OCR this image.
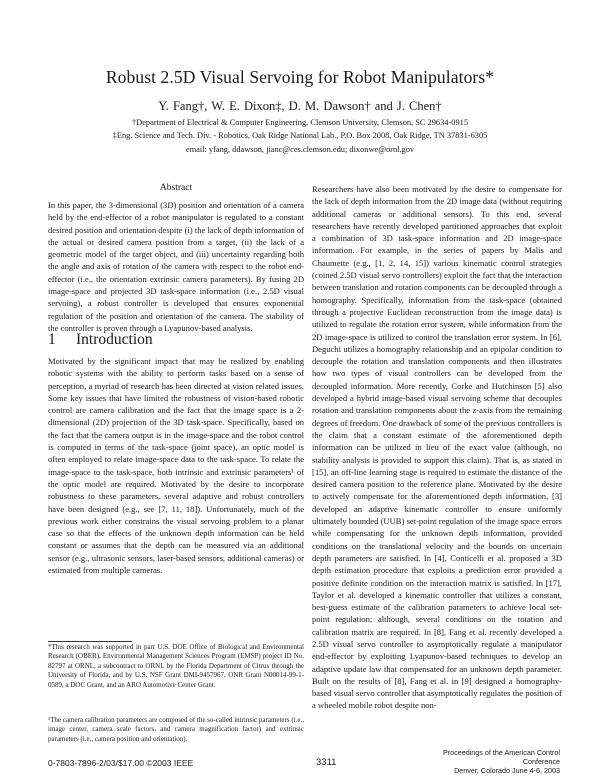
Robust 2.5D Visual Servoing for Robot Manipulators*
Y. Fang†, W. E. Dixon‡, D. M. Dawson† and J. Chen†
†Department of Electrical & Computer Engineering, Clemson University, Clemson, SC 29634-0915
‡Eng. Science and Tech. Div. - Robotics, Oak Ridge National Lab., P.O. Box 2008, Oak Ridge, TN 37831-6305
email: yfang, ddawson, jianc@ces.clemson.edu; dixonwe@ornl.gov
Abstract

In this paper, the 3-dimensional (3D) position and orientation of a camera held by the end-effector of a robot manipulator is regulated to a constant desired position and orientation despite (i) the lack of depth information of the actual or desired camera position from a target, (ii) the lack of a geometric model of the target object, and (iii) uncertainty regarding both the angle and axis of rotation of the camera with respect to the robot end-effector (i.e., the orientation extrinsic camera parameters). By fusing 2D image-space and projected 3D task-space information (i.e., 2.5D visual servoing), a robust controller is developed that ensures exponential regulation of the position and orientation of the camera. The stability of the controller is proven through a Lyapunov-based analysis.

1 Introduction

Motivated by the significant impact that may be realized by enabling robotic systems with the ability to perform tasks based on a sense of perception, a myriad of research has been directed at vision related issues. Some key issues that have limited the robustness of vision-based robotic control are camera calibration and the fact that the image space is a 2-dimensional (2D) projection of the 3D task-space. Specifically, based on the fact that the camera output is in the image-space and the robot control is computed in terms of the task-space (joint space), an optic model is often employed to relate image-space data to the task-space. To relate the image-space to the task-space, both intrinsic and extrinsic parameters¹ of the optic model are required. Motivated by the desire to incorporate robustness to these parameters, several adaptive and robust controllers have been designed (e.g., see [7, 11, 18]). Unfortunately, much of the previous work either constrains the visual servoing problem to a planar case so that the effects of the unknown depth information can be held constant or assumes that the depth can be measured via an additional sensor (e.g., ultrasonic sensors, laser-based sensors, additional cameras) or estimated from multiple cameras.

*This research was supported in part U.S. DOE Office of Biological and Environmental Research (OBER), Environmental Management Sciences Program (EMSP) project ID No. 82797 at ORNL, a subcontract to ORNL by the Florida Department of Citrus through the University of Florida, and by U.S. NSF Grant DMI-9457967, ONR Grant N00014-99-1-0589, a DOC Grant, and an ARO Automotive Center Grant.

¹The camera calibration parameters are composed of the so-called intrinsic parameters (i.e., image center, camera scale factors, and camera magnification factor) and extrinsic parameters (i.e., camera position and orientation).

Researchers have also been motivated by the desire to compensate for the lack of depth information from the 2D image data (without requiring additional cameras or additional sensors). To this end, several researchers have recently developed partitioned approaches that exploit a combination of 3D task-space information and 2D image-space information. For example, in the series of papers by Malis and Chaumette (e.g., [1, 2, 14, 15]) various kinematic control strategies (coined 2.5D visual servo controllers) exploit the fact that the interaction between translation and rotation components can be decoupled through a homography. Specifically, information from the task-space (obtained through a projective Euclidean reconstruction from the image data) is utilized to regulate the rotation error system, while information from the 2D image-space is utilized to control the translation error system. In [6], Deguchi utilizes a homography relationship and an epipolar condition to decouple the rotation and translation components and then illustrates how two types of visual controllers can be developed from the decoupled information. More recently, Corke and Hutchinson [5] also developed a hybrid image-based visual servoing scheme that decouples rotation and translation components about the z-axis from the remaining degrees of freedom. One drawback of some of the previous controllers is the claim that a constant estimate of the aforementioned depth information can be utilized in lieu of the exact value (although, no stability analysis is provided to support this claim). That is, as stated in [15], an off-line learning stage is required to estimate the distance of the desired camera position to the reference plane. Motivated by the desire to actively compensate for the aforementioned depth information, [3] developed an adaptive kinematic controller to ensure uniformly ultimately bounded (UUB) set-point regulation of the image space errors while compensating for the unknown depth information, provided conditions on the translational velocity and the bounds on uncertain depth parameters are satisfied. In [4], Conticelli et al. proposed a 3D depth estimation procedure that exploits a prediction error provided a positive definite condition on the interaction matrix is satisfied. In [17], Taylor et al. developed a kinematic controller that utilizes a constant, best-guess estimate of the calibration parameters to achieve local set-point regulation; although, several conditions on the rotation and calibration matrix are required. In [8], Fang et al. recently developed a 2.5D visual servo controller to asymptotically regulate a manipulator end-effector by exploiting Lyapunov-based techniques to develop an adaptive update law that compensated for an unknown depth parameter. Built on the results of [8], Fang et al. in [9] designed a homography-based visual servo controller that asymptotically regulates the position of a wheeled mobile robot despite non-

0-7803-7896-2/03/$17.00 ©2003 IEEE	3311
Proceedings of the American Control Conference
Denver, Colorado June 4-6, 2003
